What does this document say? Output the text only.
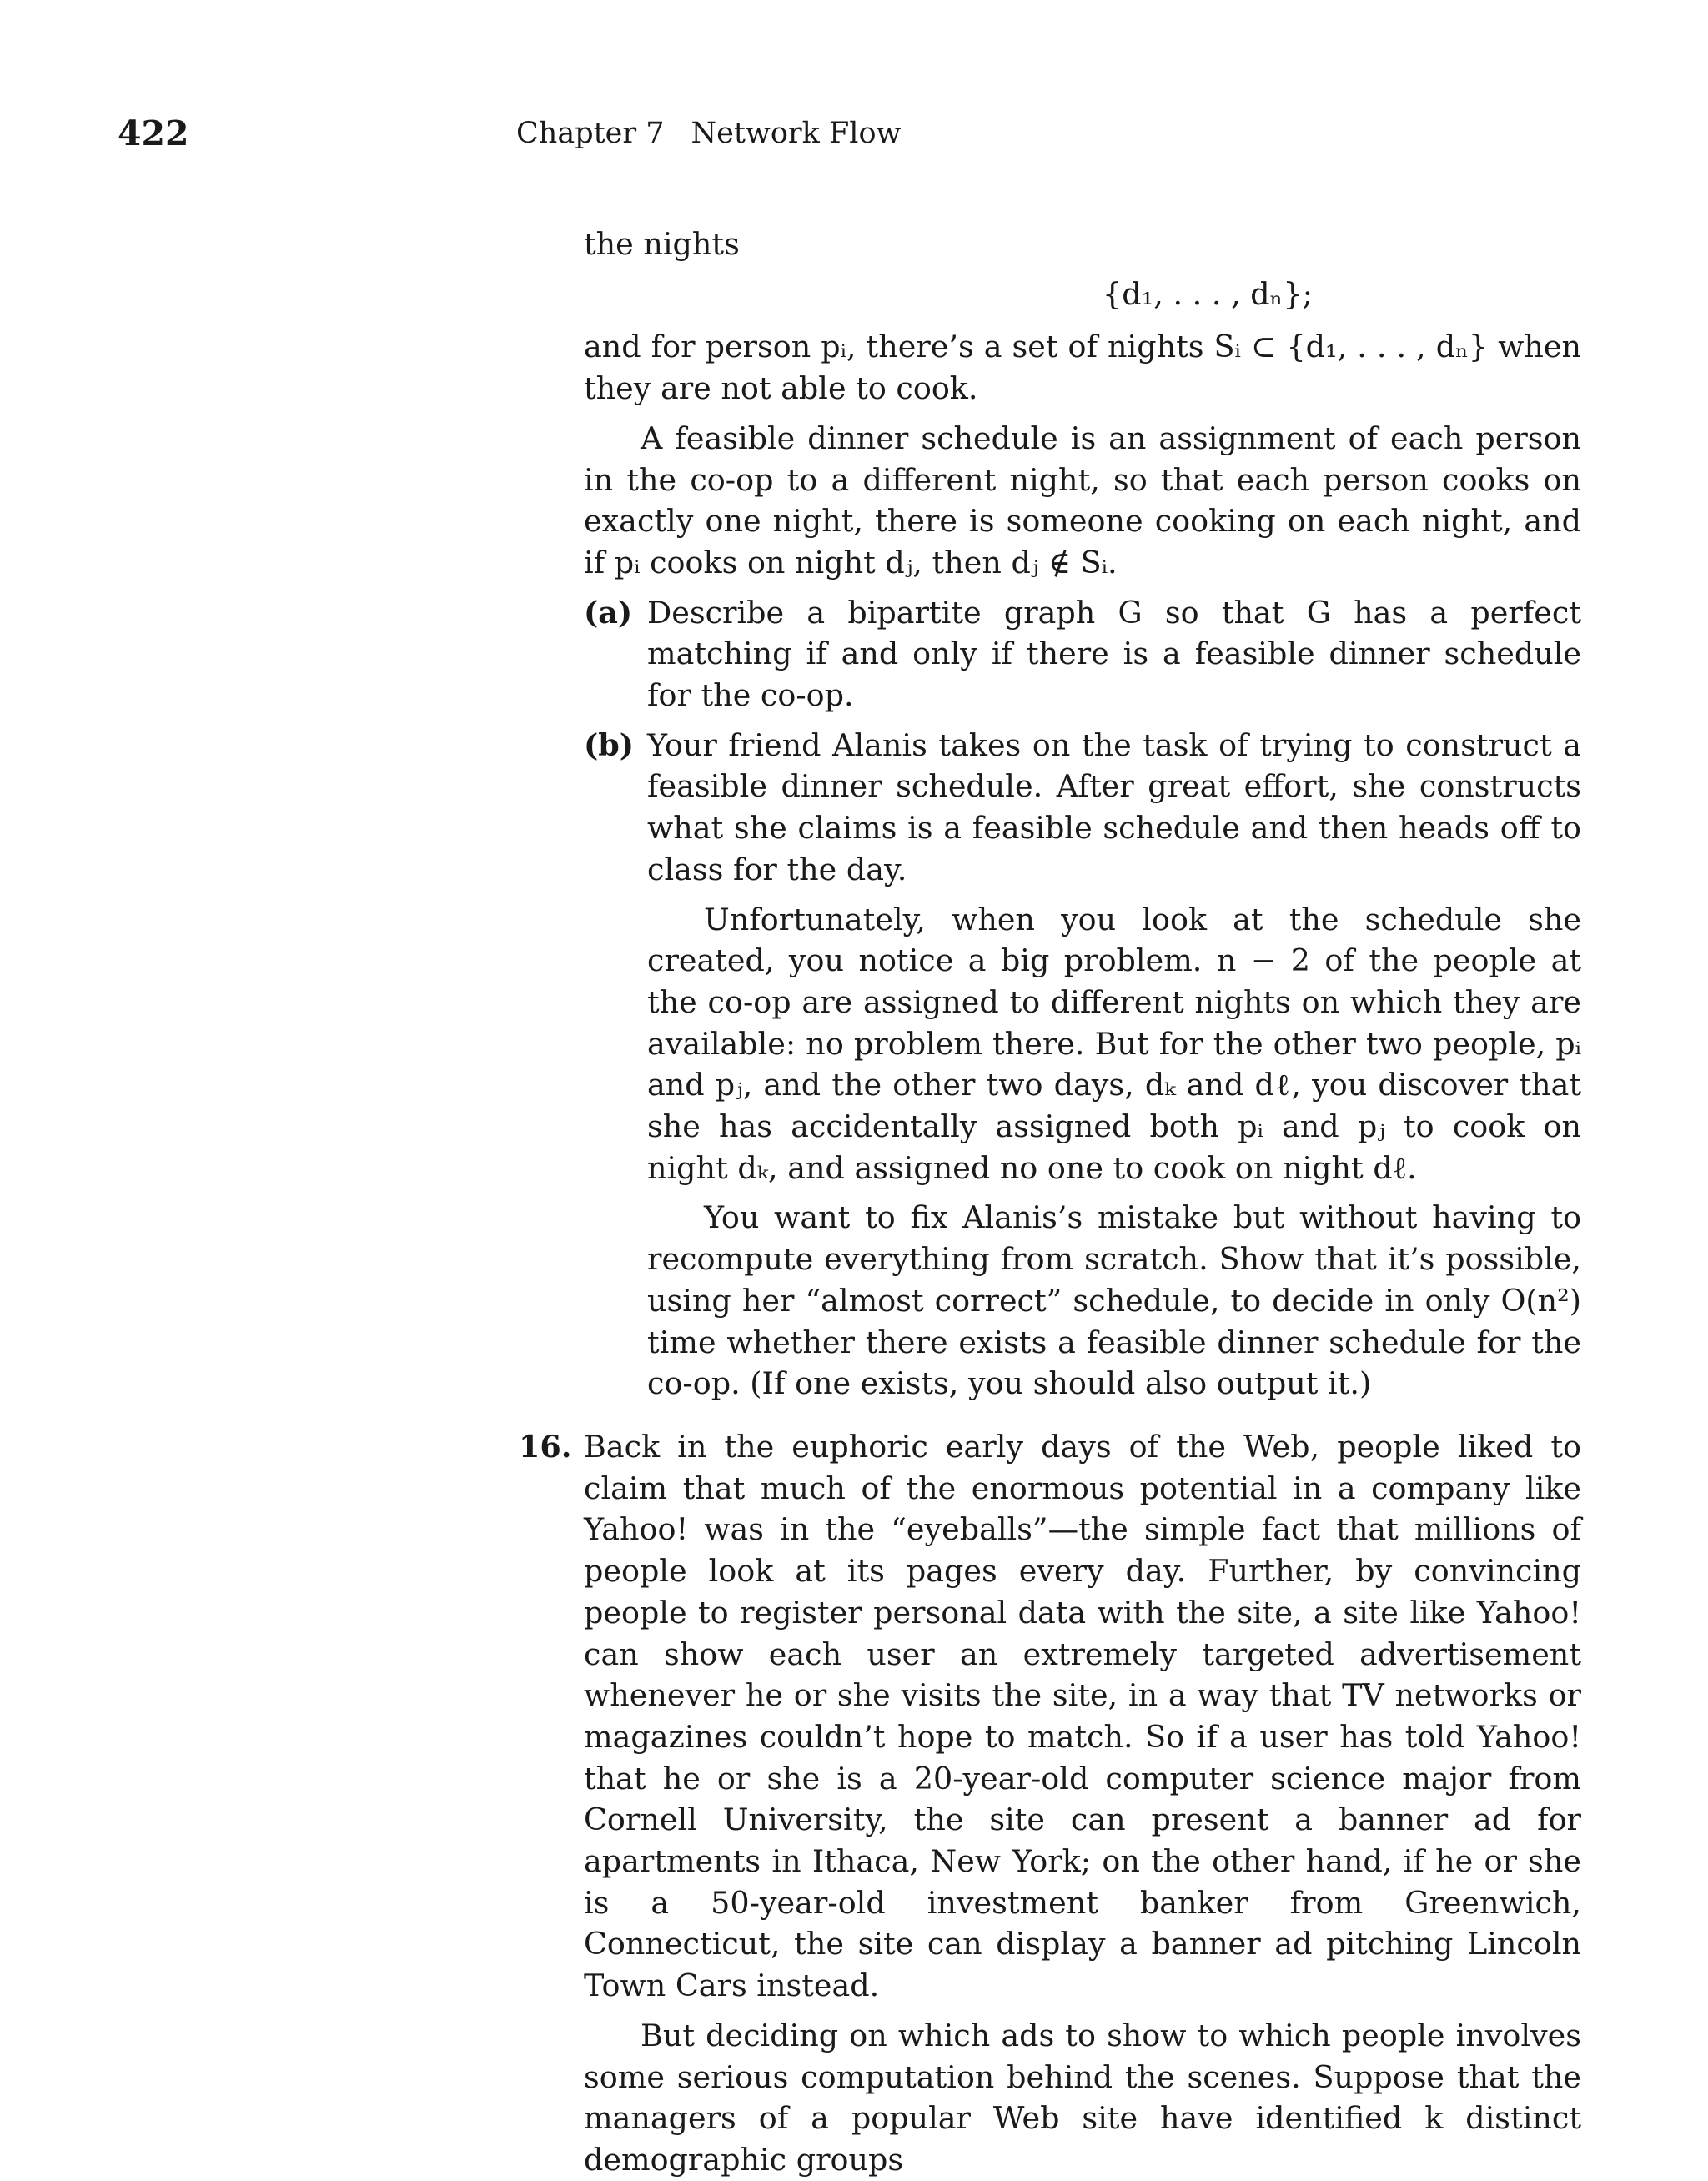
422	Chapter 7 Network Flow

the nights

{d₁, . . . , dₙ};

and for person pᵢ, there’s a set of nights Sᵢ ⊂ {d₁, . . . , dₙ} when they are not able to cook.

A feasible dinner schedule is an assignment of each person in the co-op to a different night, so that each person cooks on exactly one night, there is someone cooking on each night, and if pᵢ cooks on night dⱼ, then dⱼ ∉ Sᵢ.

(a) Describe a bipartite graph G so that G has a perfect matching if and only if there is a feasible dinner schedule for the co-op.

(b) Your friend Alanis takes on the task of trying to construct a feasible dinner schedule. After great effort, she constructs what she claims is a feasible schedule and then heads off to class for the day.

Unfortunately, when you look at the schedule she created, you notice a big problem. n − 2 of the people at the co-op are assigned to different nights on which they are available: no problem there. But for the other two people, pᵢ and pⱼ, and the other two days, dₖ and dℓ, you discover that she has accidentally assigned both pᵢ and pⱼ to cook on night dₖ, and assigned no one to cook on night dℓ.

You want to fix Alanis’s mistake but without having to recompute everything from scratch. Show that it’s possible, using her “almost correct” schedule, to decide in only O(n²) time whether there exists a feasible dinner schedule for the co-op. (If one exists, you should also output it.)

16. Back in the euphoric early days of the Web, people liked to claim that much of the enormous potential in a company like Yahoo! was in the “eyeballs”—the simple fact that millions of people look at its pages every day. Further, by convincing people to register personal data with the site, a site like Yahoo! can show each user an extremely targeted advertisement whenever he or she visits the site, in a way that TV networks or magazines couldn’t hope to match. So if a user has told Yahoo! that he or she is a 20-year-old computer science major from Cornell University, the site can present a banner ad for apartments in Ithaca, New York; on the other hand, if he or she is a 50-year-old investment banker from Greenwich, Connecticut, the site can display a banner ad pitching Lincoln Town Cars instead.

But deciding on which ads to show to which people involves some serious computation behind the scenes. Suppose that the managers of a popular Web site have identified k distinct demographic groups
